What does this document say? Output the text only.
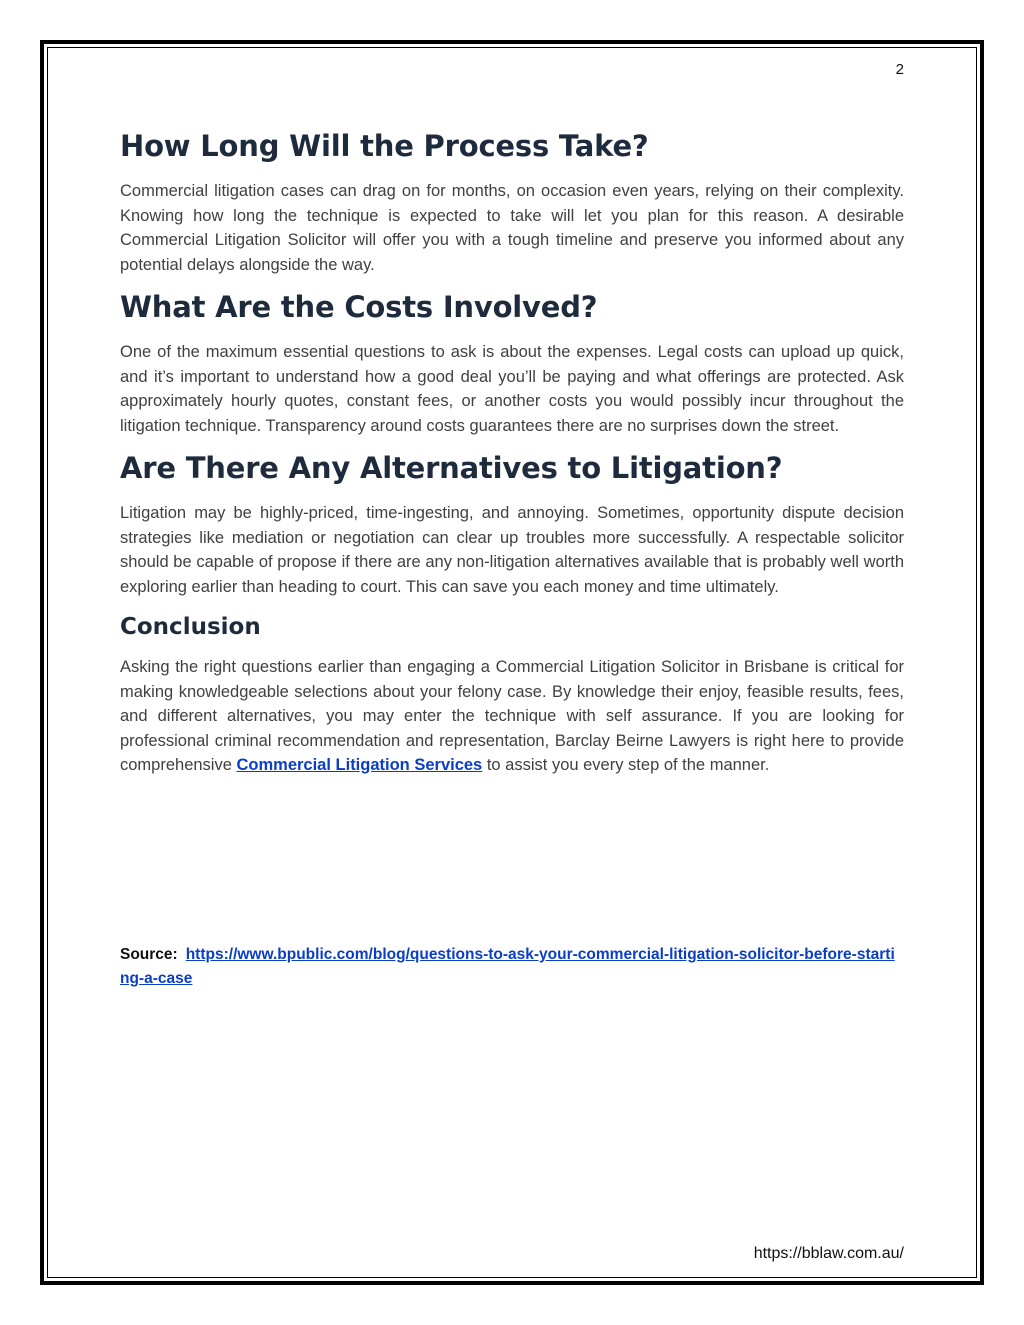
2
How Long Will the Process Take?

Commercial litigation cases can drag on for months, on occasion even years, relying on their complexity. Knowing how long the technique is expected to take will let you plan for this reason. A desirable Commercial Litigation Solicitor will offer you with a tough timeline and preserve you informed about any potential delays alongside the way.

What Are the Costs Involved?

One of the maximum essential questions to ask is about the expenses. Legal costs can upload up quick, and it’s important to understand how a good deal you’ll be paying and what offerings are protected. Ask approximately hourly quotes, constant fees, or another costs you would possibly incur throughout the litigation technique. Transparency around costs guarantees there are no surprises down the street.

Are There Any Alternatives to Litigation?

Litigation may be highly-priced, time-ingesting, and annoying. Sometimes, opportunity dispute decision strategies like mediation or negotiation can clear up troubles more successfully. A respectable solicitor should be capable of propose if there are any non-litigation alternatives available that is probably well worth exploring earlier than heading to court. This can save you each money and time ultimately.

Conclusion

Asking the right questions earlier than engaging a Commercial Litigation Solicitor in Brisbane is critical for making knowledgeable selections about your felony case. By knowledge their enjoy, feasible results, fees, and different alternatives, you may enter the technique with self assurance. If you are looking for professional criminal recommendation and representation, Barclay Beirne Lawyers is right here to provide comprehensive Commercial Litigation Services to assist you every step of the manner.

Source: https://www.bpublic.com/blog/questions-to-ask-your-commercial-litigation-solicitor-before-starting-a-case
https://bblaw.com.au/
